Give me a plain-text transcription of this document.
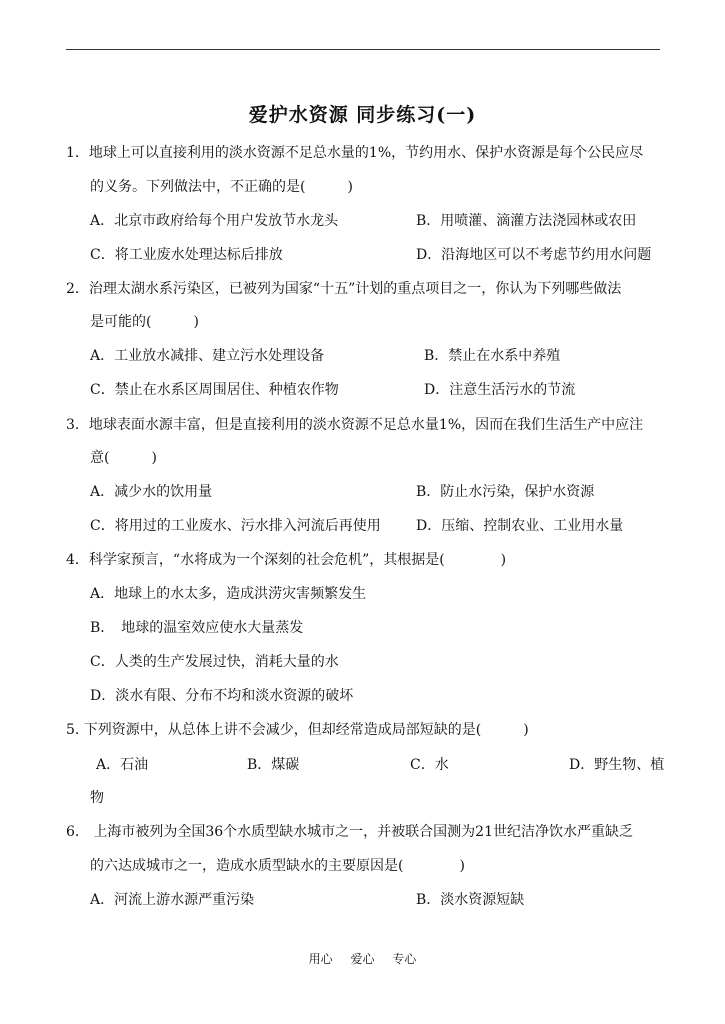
爱护水资源 同步练习(一)
1．地球上可以直接利用的淡水资源不足总水量的1%，节约用水、保护水资源是每个公民应尽
的义务。下列做法中，不正确的是(　　　)
A．北京市政府给每个用户发放节水龙头	B．用喷灌、滴灌方法浇园林或农田
C．将工业废水处理达标后排放	D．沿海地区可以不考虑节约用水问题
2．治理太湖水系污染区，已被列为国家“十五”计划的重点项目之一，你认为下列哪些做法
是可能的(　　　)
A．工业放水减排、建立污水处理设备	B．禁止在水系中养殖
C．禁止在水系区周围居住、种植农作物	D．注意生活污水的节流
3．地球表面水源丰富，但是直接利用的淡水资源不足总水量1%，因而在我们生活生产中应注
意(　　　)
A．减少水的饮用量	B．防止水污染，保护水资源
C．将用过的工业废水、污水排入河流后再使用	D．压缩、控制农业、工业用水量
4．科学家预言，“水将成为一个深刻的社会危机”，其根据是(　　　　)
A．地球上的水太多，造成洪涝灾害频繁发生
B．　地球的温室效应使水大量蒸发
C．人类的生产发展过快，消耗大量的水
D．淡水有限、分布不均和淡水资源的破坏
5. 下列资源中，从总体上讲不会减少，但却经常造成局部短缺的是(　　　)
A．石油	B．煤碳	C．水	D．野生物、植
物
6． 上海市被列为全国36个水质型缺水城市之一，并被联合国测为21世纪洁净饮水严重缺乏
的六达成城市之一，造成水质型缺水的主要原因是(　　　　)
A．河流上游水源严重污染	B．淡水资源短缺
用心 爱心 专心
